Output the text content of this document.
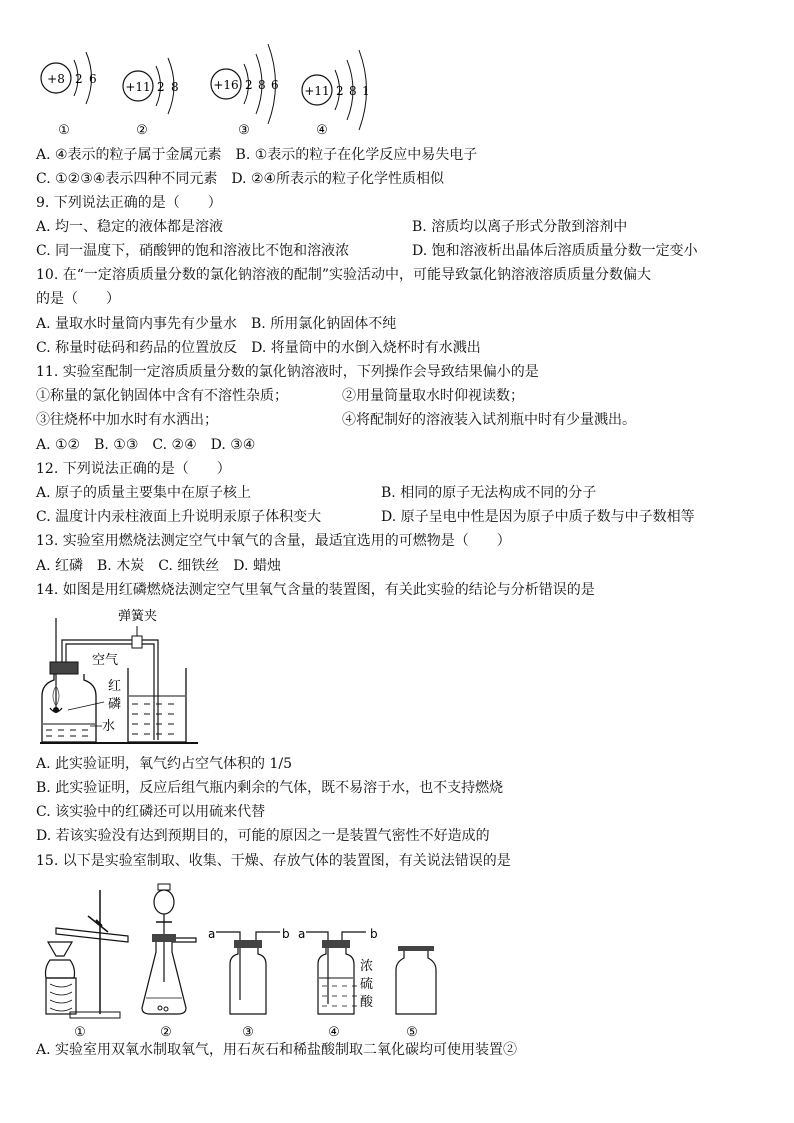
+8 2 6
①
+11 2 8
②
+16 2 8 6
③
+11 2 8 1
④
A. ④表示的粒子属于金属元素　B. ①表示的粒子在化学反应中易失电子
C. ①②③④表示四种不同元素　D. ②④所表示的粒子化学性质相似
9. 下列说法正确的是（　　）
A. 均一、稳定的液体都是溶液	B. 溶质均以离子形式分散到溶剂中
C. 同一温度下，硝酸钾的饱和溶液比不饱和溶液浓	D. 饱和溶液析出晶体后溶质质量分数一定变小
10. 在“一定溶质质量分数的氯化钠溶液的配制”实验活动中，可能导致氯化钠溶液溶质质量分数偏大
的是（　　）
A. 量取水时量筒内事先有少量水　B. 所用氯化钠固体不纯
C. 称量时砝码和药品的位置放反　D. 将量筒中的水倒入烧杯时有水溅出
11. 实验室配制一定溶质质量分数的氯化钠溶液时，下列操作会导致结果偏小的是
①称量的氯化钠固体中含有不溶性杂质；	②用量筒量取水时仰视读数；
③往烧杯中加水时有水洒出；	④将配制好的溶液装入试剂瓶中时有少量溅出。
A. ①②　B. ①③　C. ②④　D. ③④
12. 下列说法正确的是（　　）
A. 原子的质量主要集中在原子核上	B. 相同的原子无法构成不同的分子
C. 温度计内汞柱液面上升说明汞原子体积变大	D. 原子呈电中性是因为原子中质子数与中子数相等
13. 实验室用燃烧法测定空气中氧气的含量，最适宜选用的可燃物是（　　）
A. 红磷　B. 木炭　C. 细铁丝　D. 蜡烛
14. 如图是用红磷燃烧法测定空气里氧气含量的装置图，有关此实验的结论与分析错误的是
弹簧夹
空气
红
磷
水
A. 此实验证明，氧气约占空气体积的 1/5
B. 此实验证明，反应后组气瓶内剩余的气体，既不易溶于水，也不支持燃烧
C. 该实验中的红磷还可以用硫来代替
D. 若该实验没有达到预期目的，可能的原因之一是装置气密性不好造成的
15. 以下是实验室制取、收集、干燥、存放气体的装置图，有关说法错误的是
①	②
a	b
③
a	b
浓
硫
酸
④	⑤
A. 实验室用双氧水制取氧气，用石灰石和稀盐酸制取二氧化碳均可使用装置②
